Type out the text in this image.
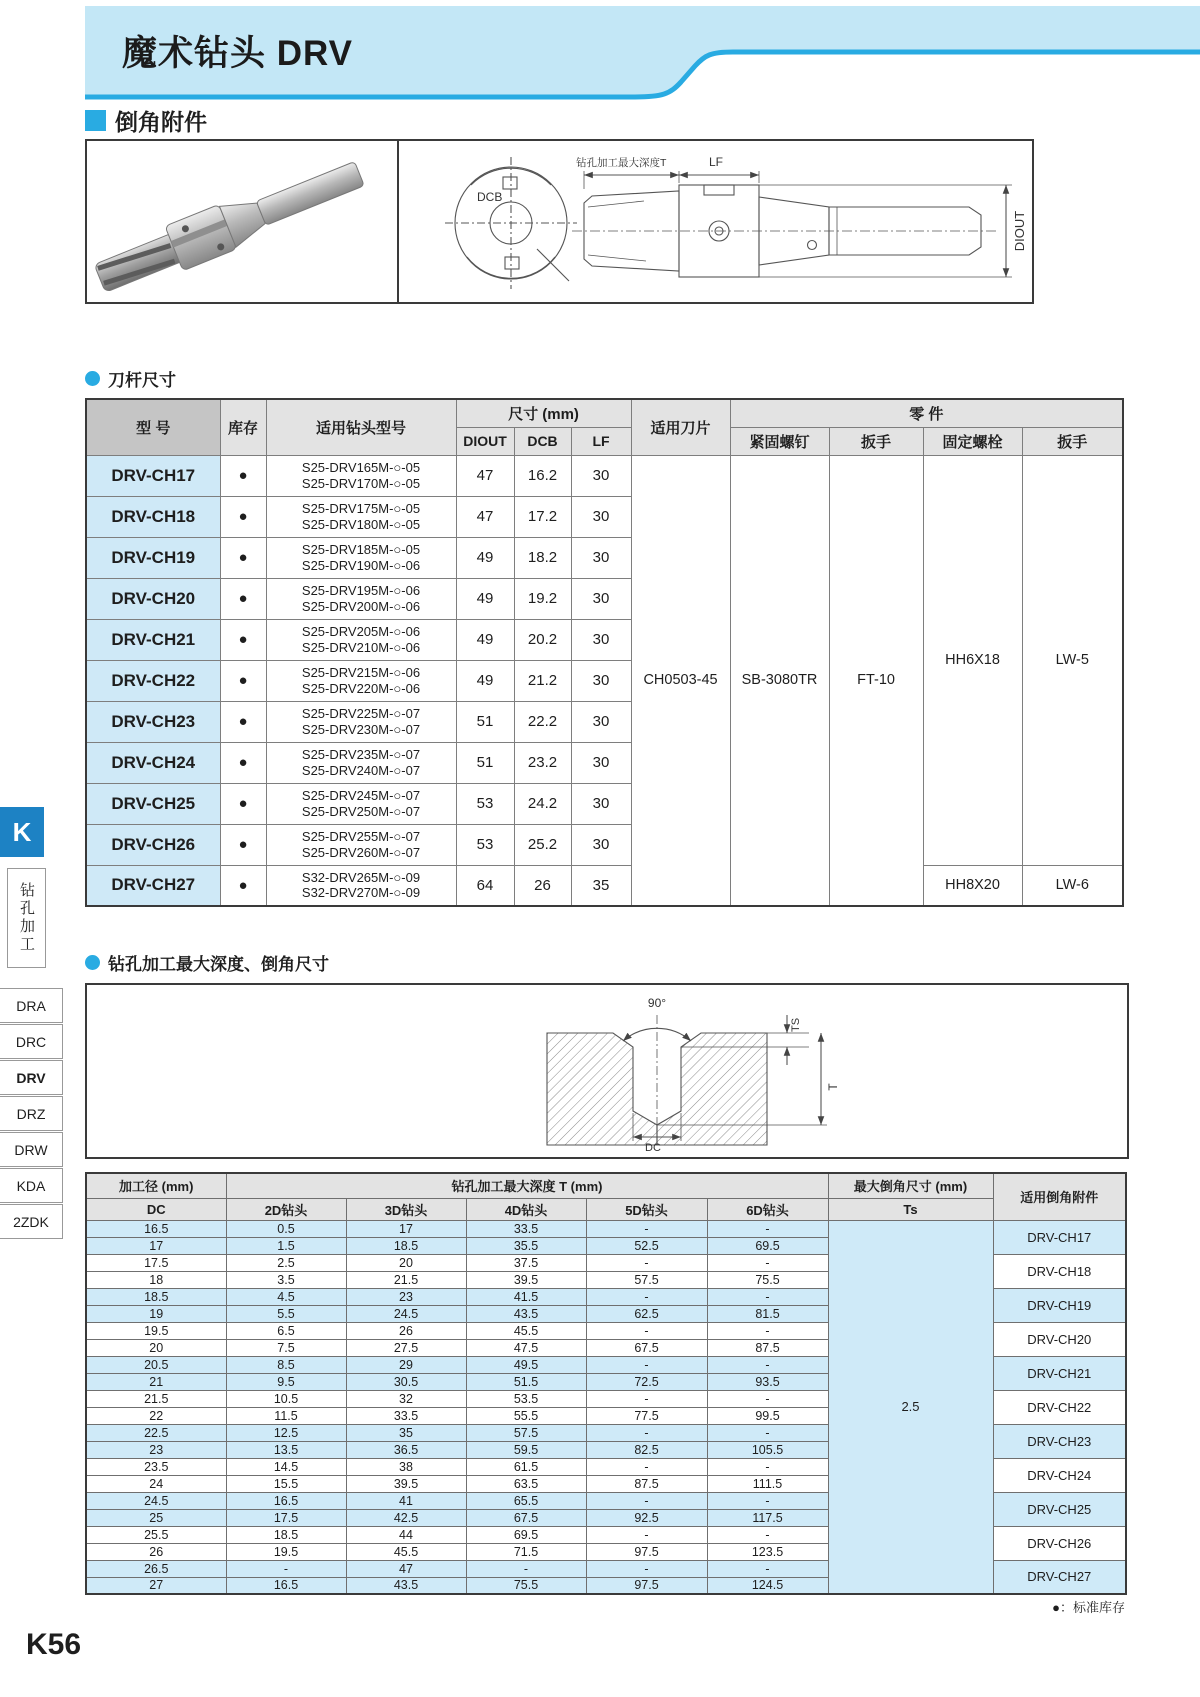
魔术钻头 DRV
倒角附件
DCB
钻孔加工最大深度T	LF
DIOUT
刀杆尺寸
型 号	库存	适用钻头型号	尺寸 (mm)			适用刀片	零 件			
			DIOUT	DCB	LF		紧固螺钉	扳手	固定螺栓	扳手
DRV-CH17	●	S25-DRV165M-○-05
S25-DRV170M-○-05	47	16.2	30	CH0503-45	SB-3080TR	FT-10	HH6X18	LW-5
DRV-CH18	●	S25-DRV175M-○-05
S25-DRV180M-○-05	47	17.2	30					
DRV-CH19	●	S25-DRV185M-○-05
S25-DRV190M-○-06	49	18.2	30					
DRV-CH20	●	S25-DRV195M-○-06
S25-DRV200M-○-06	49	19.2	30					
DRV-CH21	●	S25-DRV205M-○-06
S25-DRV210M-○-06	49	20.2	30					
DRV-CH22	●	S25-DRV215M-○-06
S25-DRV220M-○-06	49	21.2	30					
DRV-CH23	●	S25-DRV225M-○-07
S25-DRV230M-○-07	51	22.2	30					
DRV-CH24	●	S25-DRV235M-○-07
S25-DRV240M-○-07	51	23.2	30					
DRV-CH25	●	S25-DRV245M-○-07
S25-DRV250M-○-07	53	24.2	30					
DRV-CH26	●	S25-DRV255M-○-07
S25-DRV260M-○-07	53	25.2	30					
DRV-CH27	●	S32-DRV265M-○-09
S32-DRV270M-○-09	64	26	35				HH8X20	LW-6
钻孔加工最大深度、倒角尺寸
90°
TS
T
DC
加工径 (mm)	钻孔加工最大深度 T (mm)					最大倒角尺寸 (mm)	适用倒角附件
DC	2D钻头	3D钻头	4D钻头	5D钻头	6D钻头	Ts	
16.5	0.5	17	33.5	-	-	2.5	DRV-CH17
17	1.5	18.5	35.5	52.5	69.5		
17.5	2.5	20	37.5	-	-		DRV-CH18
18	3.5	21.5	39.5	57.5	75.5		
18.5	4.5	23	41.5	-	-		DRV-CH19
19	5.5	24.5	43.5	62.5	81.5		
19.5	6.5	26	45.5	-	-		DRV-CH20
20	7.5	27.5	47.5	67.5	87.5		
20.5	8.5	29	49.5	-	-		DRV-CH21
21	9.5	30.5	51.5	72.5	93.5		
21.5	10.5	32	53.5	-	-		DRV-CH22
22	11.5	33.5	55.5	77.5	99.5		
22.5	12.5	35	57.5	-	-		DRV-CH23
23	13.5	36.5	59.5	82.5	105.5		
23.5	14.5	38	61.5	-	-		DRV-CH24
24	15.5	39.5	63.5	87.5	111.5		
24.5	16.5	41	65.5	-	-		DRV-CH25
25	17.5	42.5	67.5	92.5	117.5		
25.5	18.5	44	69.5	-	-		DRV-CH26
26	19.5	45.5	71.5	97.5	123.5		
26.5	-	47	-	-	-		DRV-CH27
27	16.5	43.5	75.5	97.5	124.5		
K
钻孔加工
DRA
DRC
DRV
DRZ
DRW
KDA
2ZDK
K56
●：标准库存
